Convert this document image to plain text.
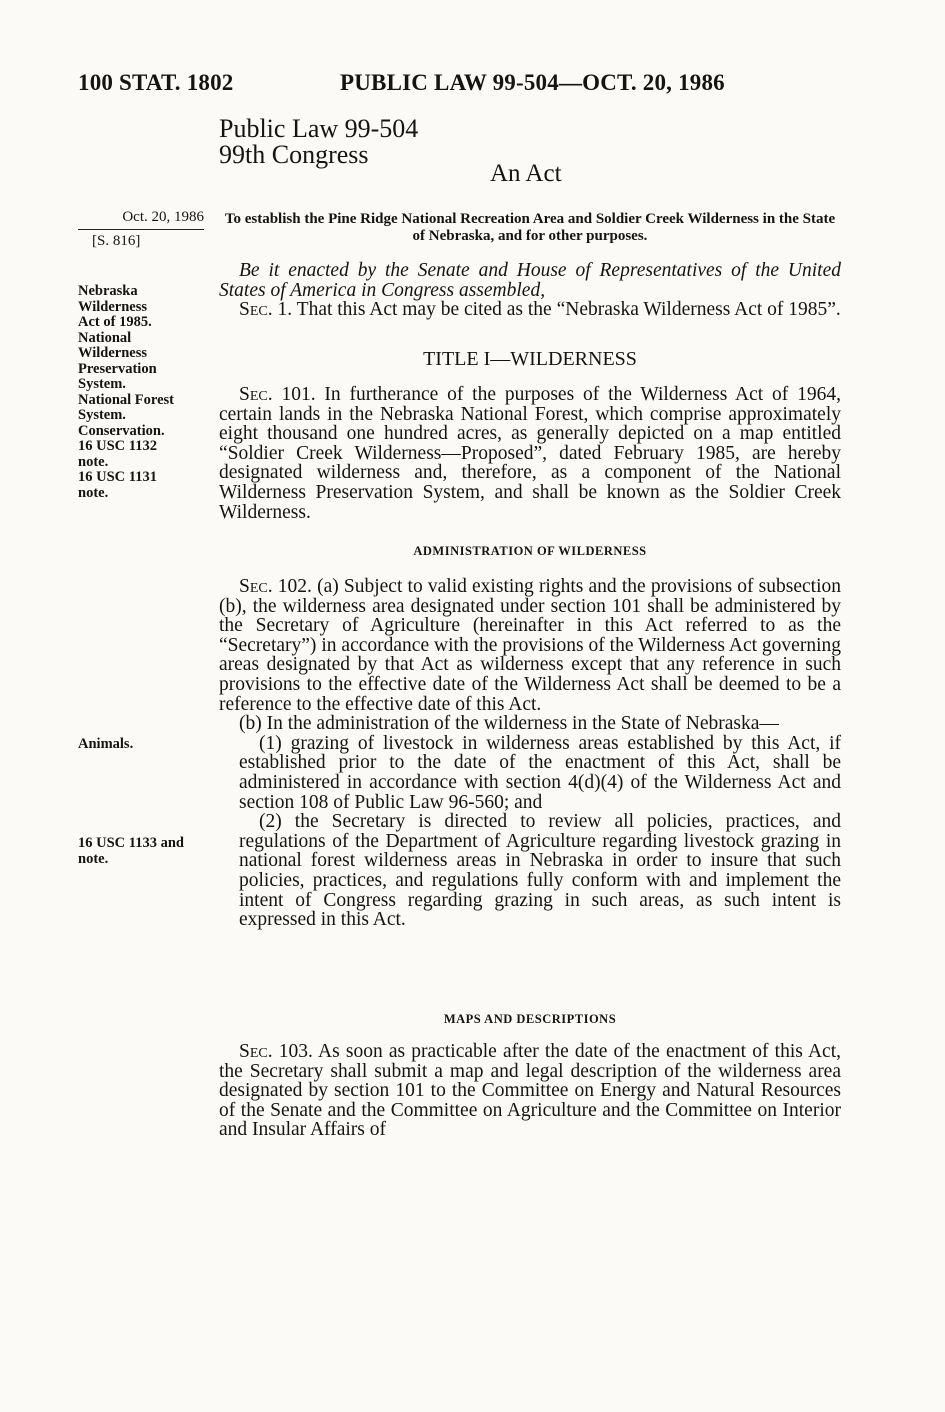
100 STAT. 1802	PUBLIC LAW 99-504—OCT. 20, 1986
Public Law 99-504
99th Congress
An Act
Oct. 20, 1986
[S. 816]
To establish the Pine Ridge National Recreation Area and Soldier Creek Wilderness in the State of Nebraska, and for other purposes.
Nebraska
Wilderness
Act of 1985.
National
Wilderness
Preservation
System.
National Forest
System.
Conservation.
16 USC 1132
note.
16 USC 1131
note.
Animals.
16 USC 1133 and
note.

Be it enacted by the Senate and House of Representatives of the United States of America in Congress assembled,

Sec. 1. That this Act may be cited as the “Nebraska Wilderness Act of 1985”.

TITLE I—WILDERNESS

Sec. 101. In furtherance of the purposes of the Wilderness Act of 1964, certain lands in the Nebraska National Forest, which comprise approximately eight thousand one hundred acres, as generally depicted on a map entitled “Soldier Creek Wilderness—Proposed”, dated February 1985, are hereby designated wilderness and, therefore, as a component of the National Wilderness Preservation System, and shall be known as the Soldier Creek Wilderness.

ADMINISTRATION OF WILDERNESS

Sec. 102. (a) Subject to valid existing rights and the provisions of subsection (b), the wilderness area designated under section 101 shall be administered by the Secretary of Agriculture (hereinafter in this Act referred to as the “Secretary”) in accordance with the provisions of the Wilderness Act governing areas designated by that Act as wilderness except that any reference in such provisions to the effective date of the Wilderness Act shall be deemed to be a reference to the effective date of this Act.

(b) In the administration of the wilderness in the State of Nebraska—

(1) grazing of livestock in wilderness areas established by this Act, if established prior to the date of the enactment of this Act, shall be administered in accordance with section 4(d)(4) of the Wilderness Act and section 108 of Public Law 96-560; and

(2) the Secretary is directed to review all policies, practices, and regulations of the Department of Agriculture regarding livestock grazing in national forest wilderness areas in Nebraska in order to insure that such policies, practices, and regulations fully conform with and implement the intent of Congress regarding grazing in such areas, as such intent is expressed in this Act.

MAPS AND DESCRIPTIONS

Sec. 103. As soon as practicable after the date of the enactment of this Act, the Secretary shall submit a map and legal description of the wilderness area designated by section 101 to the Committee on Energy and Natural Resources of the Senate and the Committee on Agriculture and the Committee on Interior and Insular Affairs of
